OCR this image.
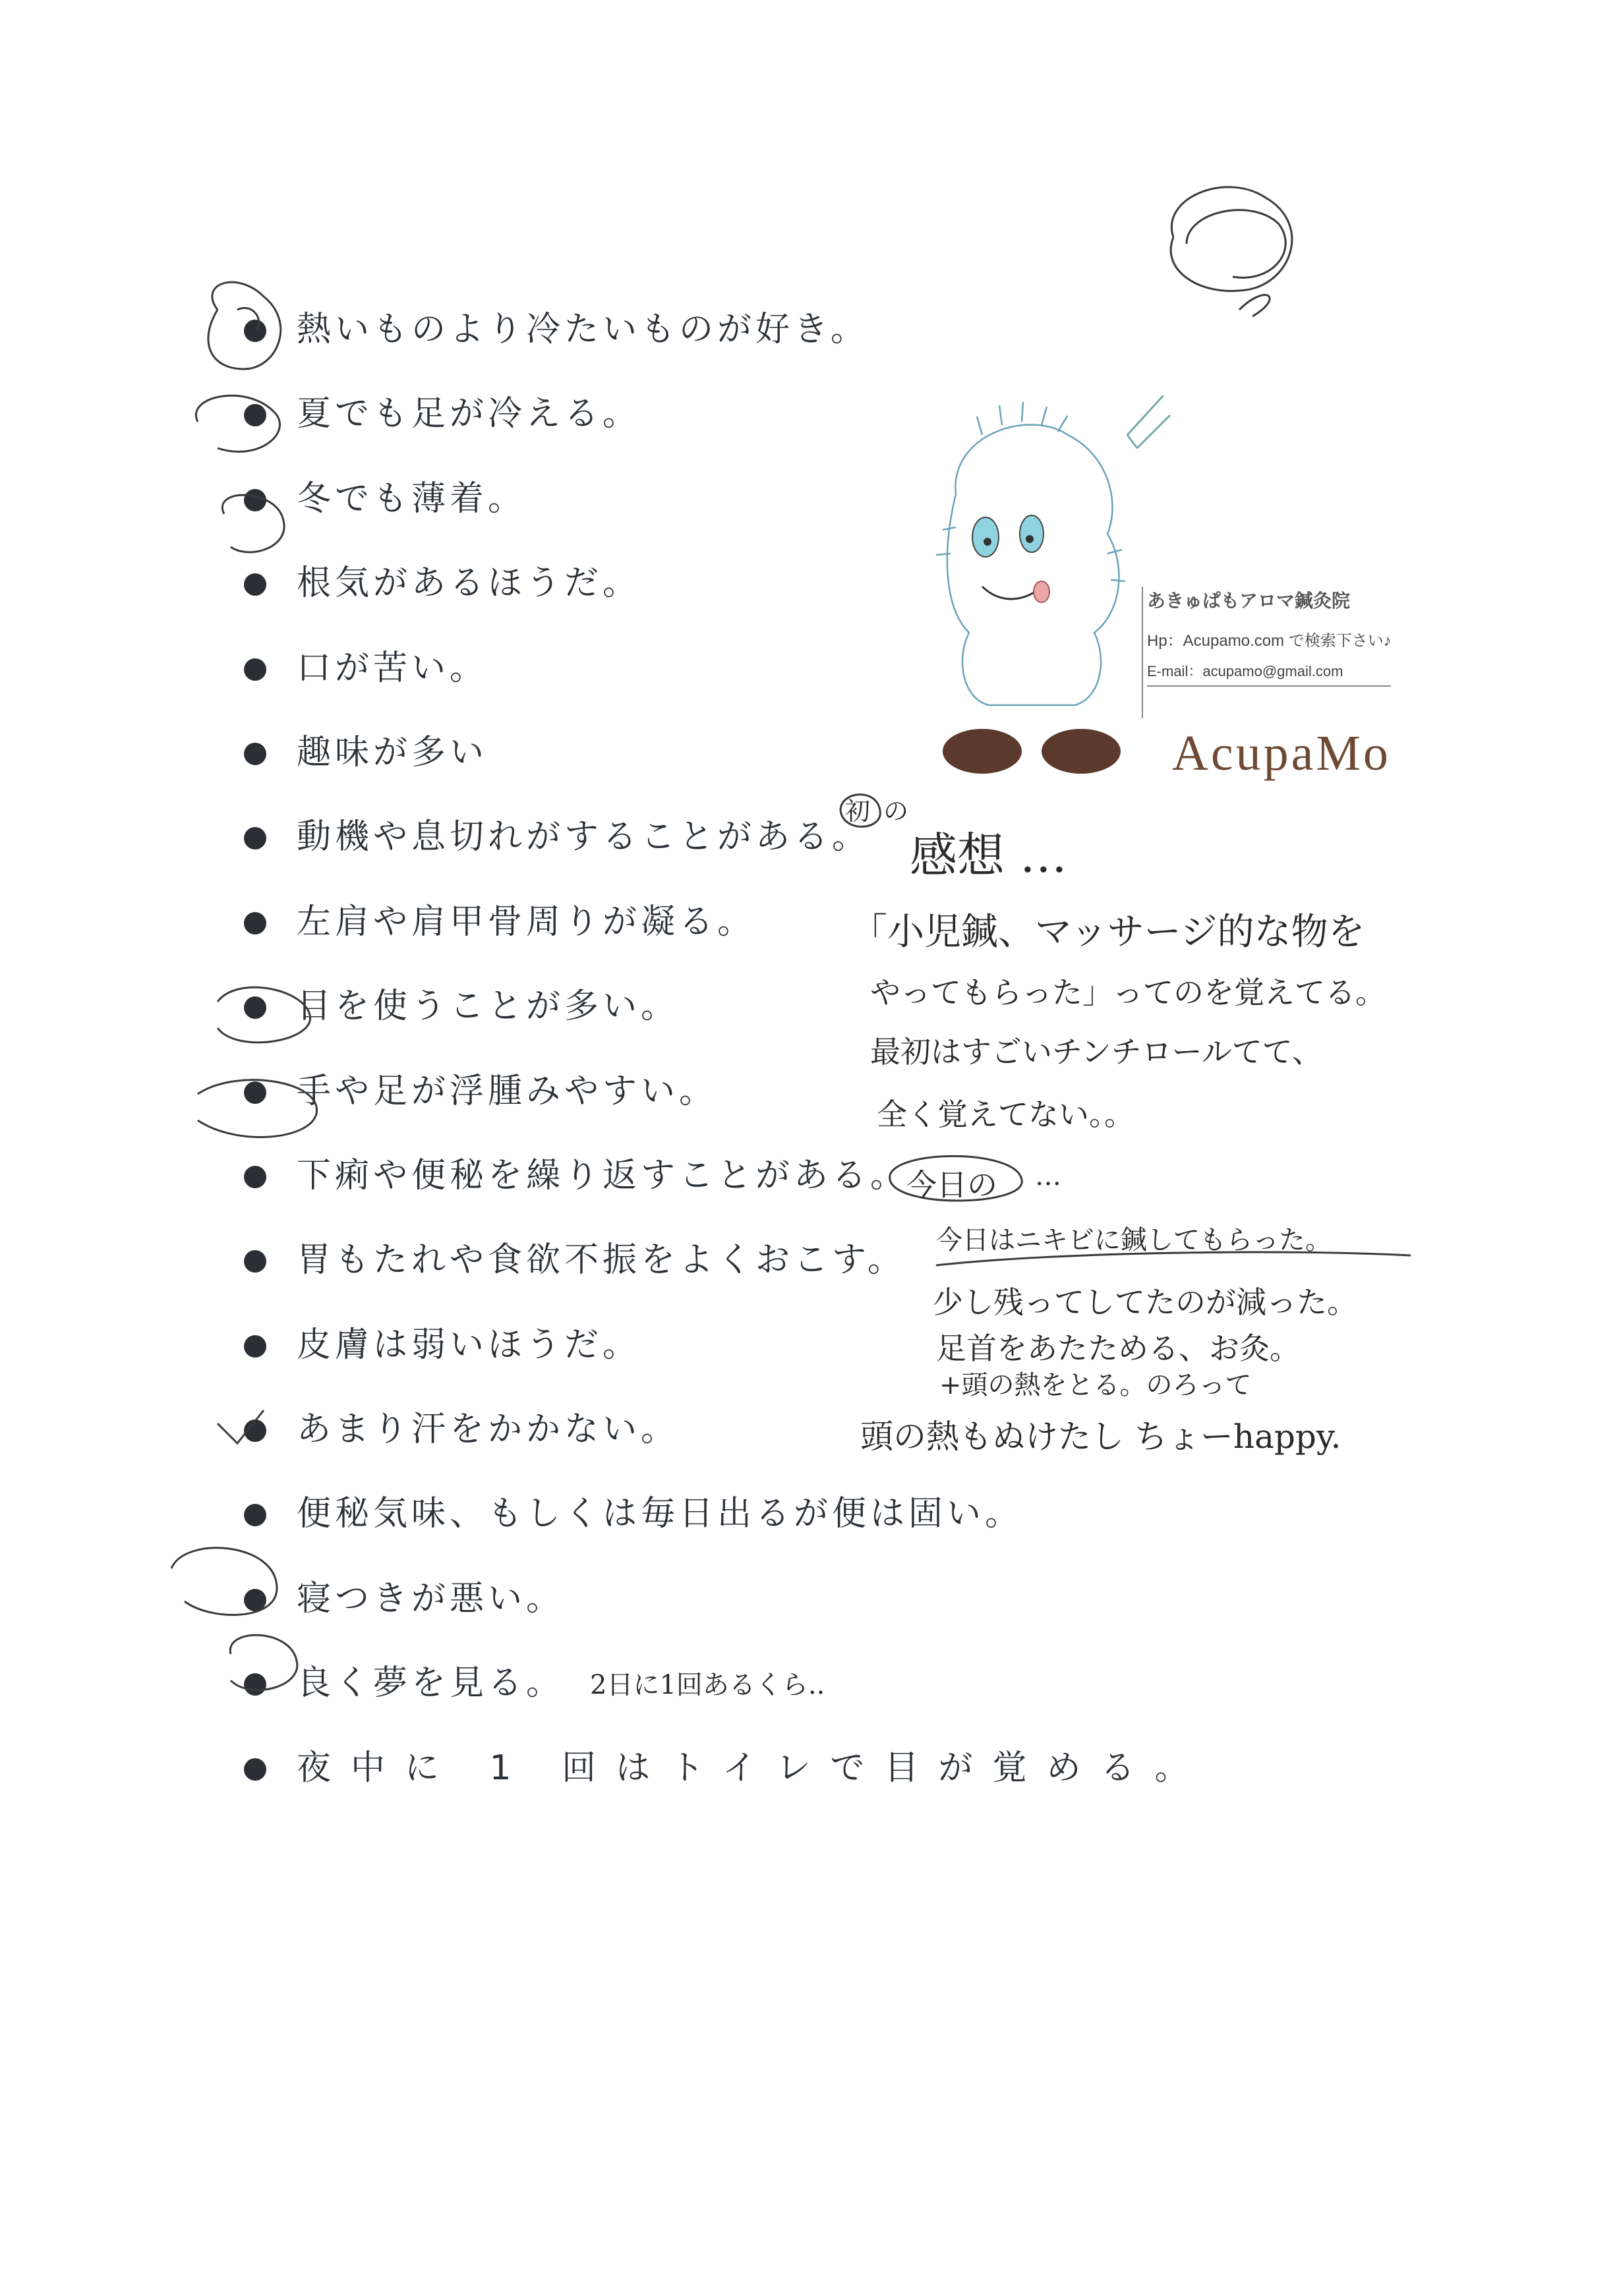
熱いものより冷たいものが好き。
夏でも足が冷える。
冬でも薄着。
根気があるほうだ。
口が苦い。
趣味が多い
動機や息切れがすることがある。
左肩や肩甲骨周りが凝る。
目を使うことが多い。
手や足が浮腫みやすい。
下痢や便秘を繰り返すことがある。
胃もたれや食欲不振をよくおこす。
皮膚は弱いほうだ。
あまり汗をかかない。
便秘気味、もしくは毎日出るが便は固い。
寝つきが悪い。
良く夢を見る。
夜中に 1 回はトイレで目が覚める。
あきゅぱもアロマ鍼灸院
Hp：Acupamo.com で検索下さい♪
E-mail：acupamo@gmail.com
AcupaMo
初 の
感想 …
「小児鍼、マッサージ的な物を
やってもらった」ってのを覚えてる。
最初はすごいチンチロールてて、
全く覚えてない。。
今日の …
今日はニキビに鍼してもらった。
少し残ってしてたのが減った。
足首をあたためる、お灸。
+頭の熱をとる。のろって
頭の熱もぬけたし ちょーhappy.
2日に1回あるくら..
